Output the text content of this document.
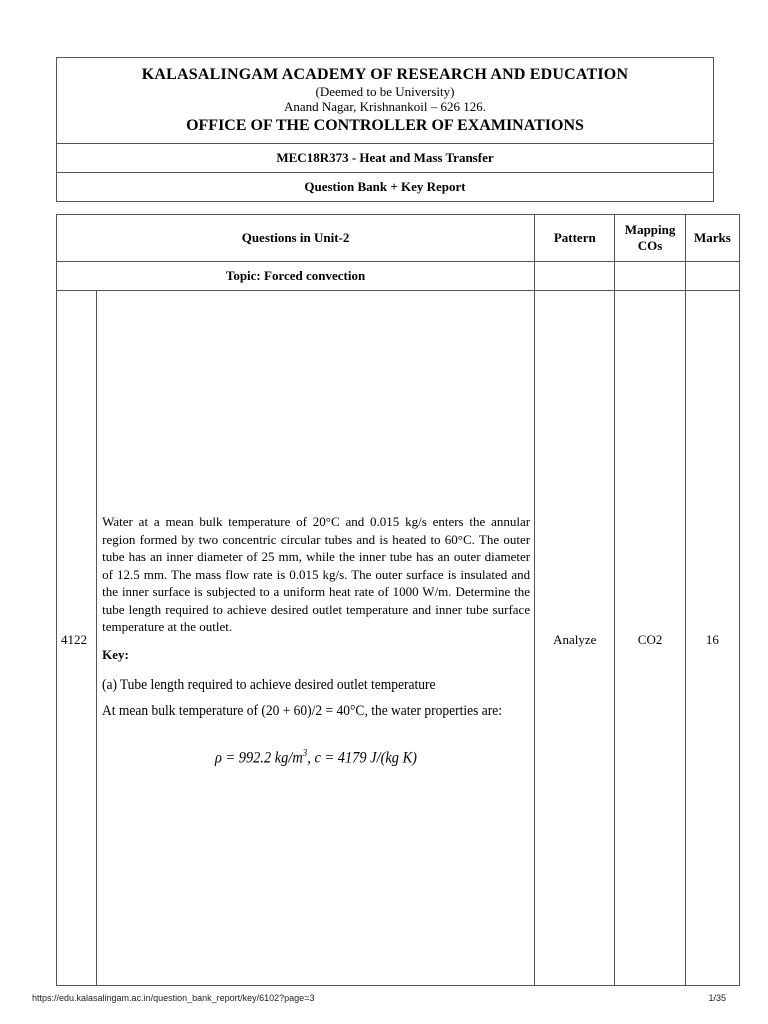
KALASALINGAM ACADEMY OF RESEARCH AND EDUCATION
(Deemed to be University)
Anand Nagar, Krishnankoil – 626 126.
OFFICE OF THE CONTROLLER OF EXAMINATIONS
MEC18R373 - Heat and Mass Transfer
Question Bank + Key Report
Questions in Unit-2		Pattern	Mapping COs	Marks
Topic: Forced convection				
4122	Water at a mean bulk temperature of 20°C and 0.015 kg/s enters the annular region formed by two concentric circular tubes and is heated to 60°C. The outer tube has an inner diameter of 25 mm, while the inner tube has an outer diameter of 12.5 mm. The mass flow rate is 0.015 kg/s. The outer surface is insulated and the inner surface is subjected to a uniform heat rate of 1000 W/m. Determine the tube length required to achieve desired outlet temperature and inner tube surface temperature at the outlet.
Key:
(a) Tube length required to achieve desired outlet temperature
At mean bulk temperature of (20 + 60)/2 = 40°C, the water properties are:
ρ = 992.2 $kg/m^3$, c = 4179 J/(kg K)	Analyze	CO2	16
https://edu.kalasalingam.ac.in/question_bank_report/key/6102?page=3	1/35
